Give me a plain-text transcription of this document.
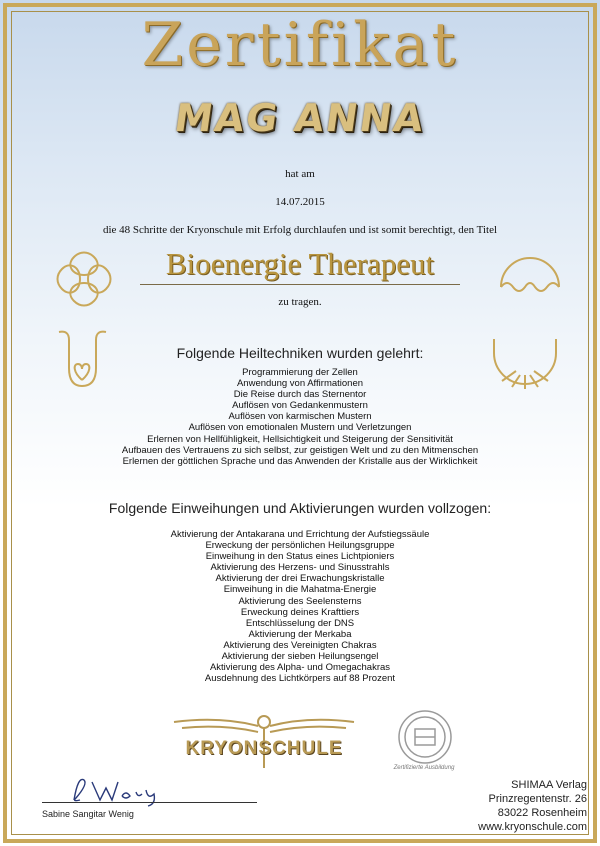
Zertifikat
MAG ANNA
hat am
14.07.2015
die 48 Schritte der Kryonschule mit Erfolg durchlaufen und ist somit berechtigt, den Titel
Bioenergie Therapeut
zu tragen.
Folgende Heiltechniken wurden gelehrt:
Programmierung der Zellen
Anwendung von Affirmationen
Die Reise durch das Sternentor
Auflösen von Gedankenmustern
Auflösen von karmischen Mustern
Auflösen von emotionalen Mustern und Verletzungen
Erlernen von Hellfühligkeit, Hellsichtigkeit und Steigerung der Sensitivität
Aufbauen des Vertrauens zu sich selbst, zur geistigen Welt und zu den Mitmenschen
Erlernen der göttlichen Sprache und das Anwenden der Kristalle aus der Wirklichkeit
Folgende Einweihungen und Aktivierungen wurden vollzogen:
Aktivierung der Antakarana und Errichtung der Aufstiegssäule
Erweckung der persönlichen Heilungsgruppe
Einweihung in den Status eines Lichtpioniers
Aktivierung des Herzens- und Sinusstrahls
Aktivierung der drei Erwachungskristalle
Einweihung in die Mahatma-Energie
Aktivierung des Seelensterns
Erweckung deines Krafttiers
Entschlüsselung der DNS
Aktivierung der Merkaba
Aktivierung des Vereinigten Chakras
Aktivierung der sieben Heilungsengel
Aktivierung des Alpha- und Omegachakras
Ausdehnung des Lichtkörpers auf 88 Prozent
KRYONSCHULE
Zertifizierte Ausbildung
Sabine Sangitar Wenig
SHIMAA Verlag
Prinzregentenstr. 26
83022 Rosenheim
www.kryonschule.com
